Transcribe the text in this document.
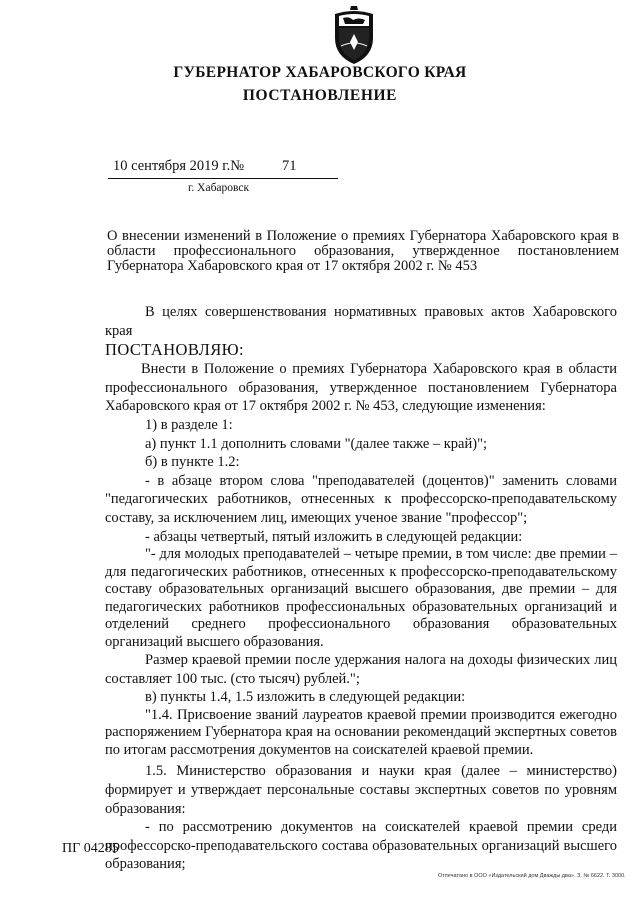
ГУБЕРНАТОР ХАБАРОВСКОГО КРАЯ
ПОСТАНОВЛЕНИЕ
10 сентября 2019 г.№	71
г. Хабаровск
О внесении изменений в Положение о премиях Губернатора Хабаровского края в области профессионального образования, утвержденное постановлением Губернатора Хабаровского края от 17 октября 2002 г. № 453

В целях совершенствования нормативных правовых актов Хабаровского края

ПОСТАНОВЛЯЮ:

Внести в Положение о премиях Губернатора Хабаровского края в области профессионального образования, утвержденное постановлением Губернатора Хабаровского края от 17 октября 2002 г. № 453, следующие изменения:

1) в разделе 1:

а) пункт 1.1 дополнить словами "(далее также – край)";

б) в пункте 1.2:

- в абзаце втором слова "преподавателей (доцентов)" заменить словами "педагогических работников, отнесенных к профессорско-преподавательскому составу, за исключением лиц, имеющих ученое звание "профессор";

- абзацы четвертый, пятый изложить в следующей редакции:

"- для молодых преподавателей – четыре премии, в том числе: две премии – для педагогических работников, отнесенных к профессорско-преподавательскому составу образовательных организаций высшего образования, две премии – для педагогических работников профессиональных образовательных организаций и отделений среднего профессионального образования образовательных организаций высшего образования.

Размер краевой премии после удержания налога на доходы физических лиц составляет 100 тыс. (сто тысяч) рублей.";

в) пункты 1.4, 1.5 изложить в следующей редакции:

"1.4. Присвоение званий лауреатов краевой премии производится ежегодно распоряжением Губернатора края на основании рекомендаций экспертных советов по итогам рассмотрения документов на соискателей краевой премии.

1.5. Министерство образования и науки края (далее – министерство) формирует и утверждает персональные составы экспертных советов по уровням образования:

- по рассмотрению документов на соискателей краевой премии среди профессорско-преподавательского состава образовательных организаций высшего образования;

ПГ 04285
Отпечатано в ООО «Издательский дом Дважды два». З. № 6622. Т. 3000.
